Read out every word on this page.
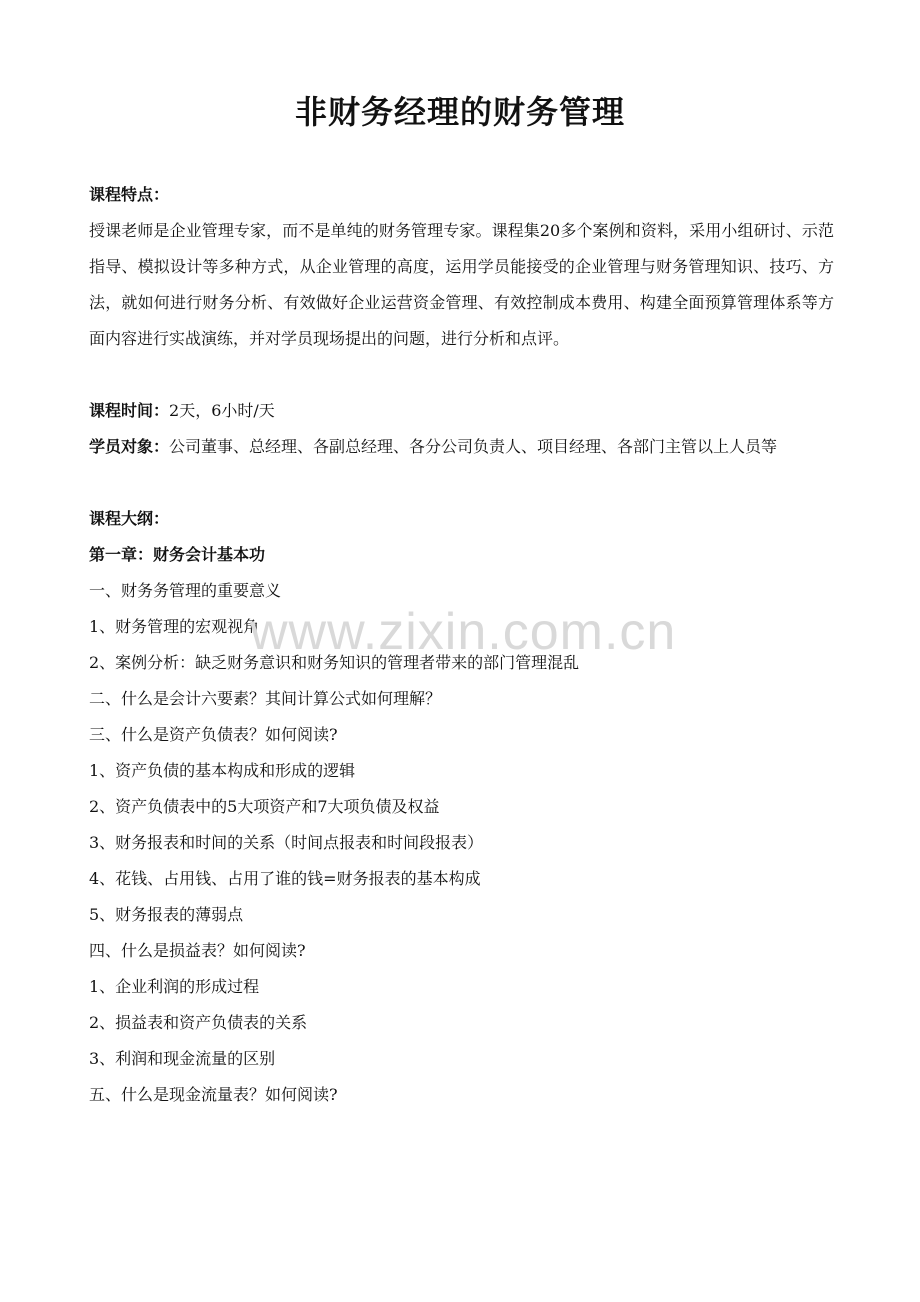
非财务经理的财务管理
课程特点：
授课老师是企业管理专家，而不是单纯的财务管理专家。课程集20多个案例和资料，采用小组研讨、示范指导、模拟设计等多种方式，从企业管理的高度，运用学员能接受的企业管理与财务管理知识、技巧、方法，就如何进行财务分析、有效做好企业运营资金管理、有效控制成本费用、构建全面预算管理体系等方面内容进行实战演练，并对学员现场提出的问题，进行分析和点评。
课程时间：2天，6小时/天
学员对象：公司董事、总经理、各副总经理、各分公司负责人、项目经理、各部门主管以上人员等
课程大纲：
第一章：财务会计基本功
一、财务务管理的重要意义
1、财务管理的宏观视角
2、案例分析：缺乏财务意识和财务知识的管理者带来的部门管理混乱
二、什么是会计六要素？其间计算公式如何理解？
三、什么是资产负债表？如何阅读?
1、资产负债的基本构成和形成的逻辑
2、资产负债表中的5大项资产和7大项负债及权益
3、财务报表和时间的关系（时间点报表和时间段报表）
4、花钱、占用钱、占用了谁的钱=财务报表的基本构成
5、财务报表的薄弱点
四、什么是损益表？如何阅读?
1、企业利润的形成过程
2、损益表和资产负债表的关系
3、利润和现金流量的区别
五、什么是现金流量表？如何阅读?
www.zixin.com.cn
